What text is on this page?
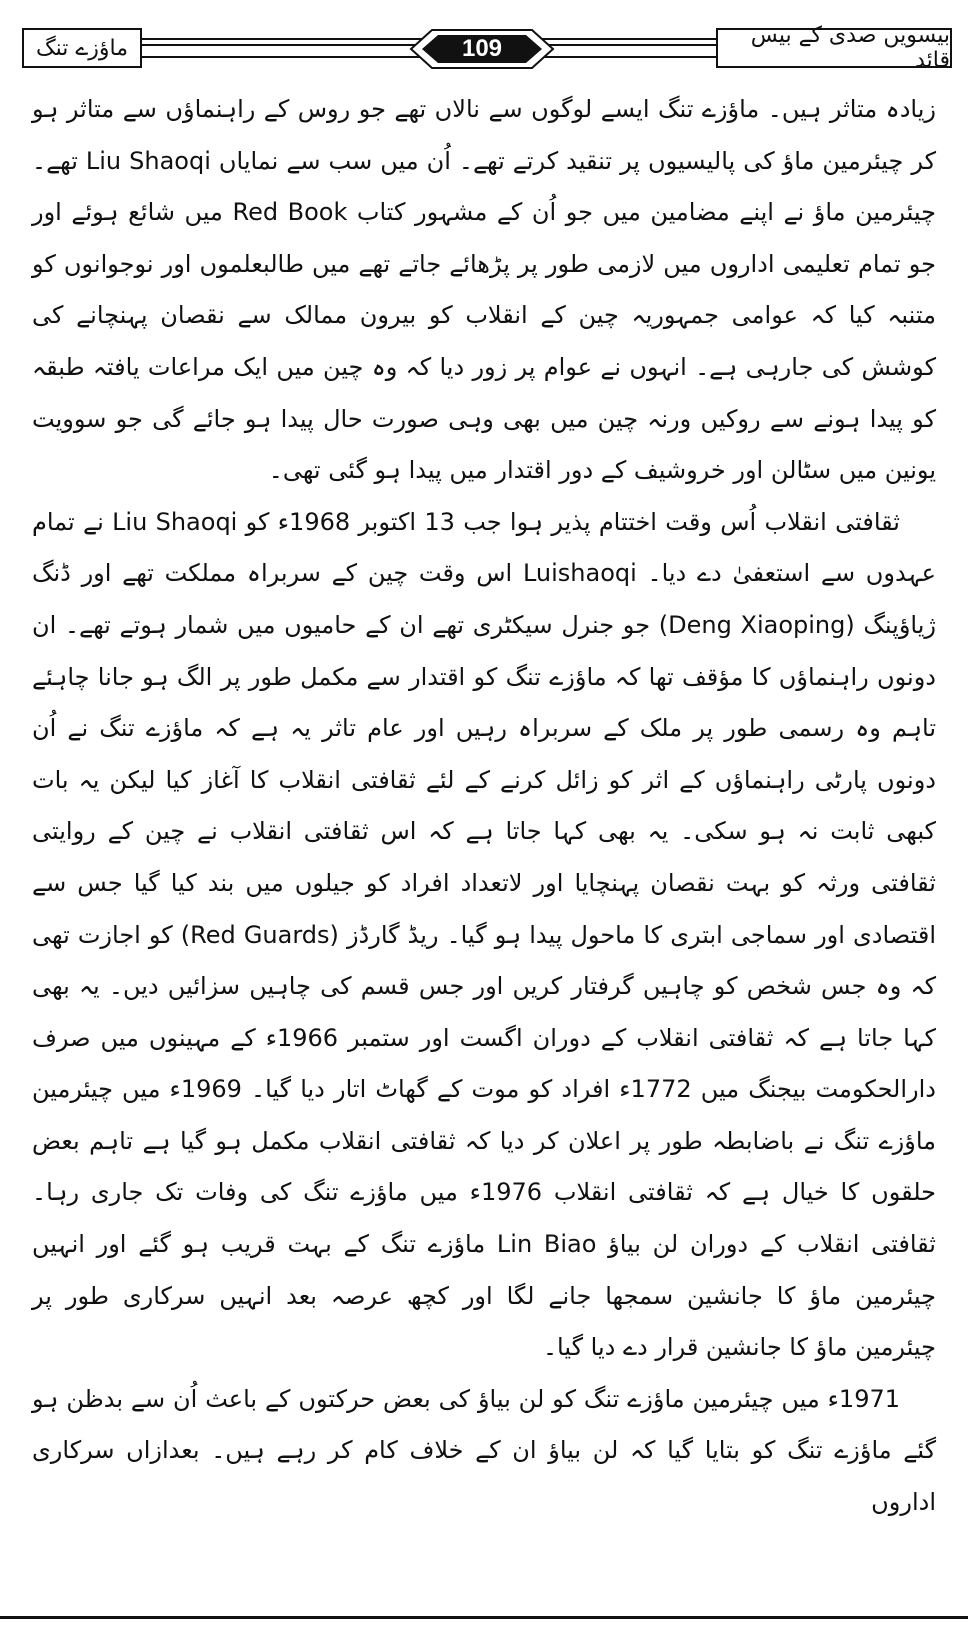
ماؤزے تنگ	109	بیسویں صدی کے بیس قائد

زیادہ متاثر ہیں۔ ماؤزے تنگ ایسے لوگوں سے نالاں تھے جو روس کے راہنماؤں سے متاثر ہو کر چیئرمین ماؤ کی پالیسیوں پر تنقید کرتے تھے۔ اُن میں سب سے نمایاں Liu Shaoqi تھے۔ چیئرمین ماؤ نے اپنے مضامین میں جو اُن کے مشہور کتاب Red Book میں شائع ہوئے اور جو تمام تعلیمی اداروں میں لازمی طور پر پڑھائے جاتے تھے میں طالبعلموں اور نوجوانوں کو متنبہ کیا کہ عوامی جمہوریہ چین کے انقلاب کو بیرون ممالک سے نقصان پہنچانے کی کوشش کی جارہی ہے۔ انہوں نے عوام پر زور دیا کہ وہ چین میں ایک مراعات یافتہ طبقہ کو پیدا ہونے سے روکیں ورنہ چین میں بھی وہی صورت حال پیدا ہو جائے گی جو سوویت یونین میں سٹالن اور خروشیف کے دور اقتدار میں پیدا ہو گئی تھی۔

ثقافتی انقلاب اُس وقت اختتام پذیر ہوا جب 13 اکتوبر 1968ء کو Liu Shaoqi نے تمام عہدوں سے استعفیٰ دے دیا۔ Luishaoqi اس وقت چین کے سربراہ مملکت تھے اور ڈنگ ژیاؤپنگ (Deng Xiaoping) جو جنرل سیکٹری تھے ان کے حامیوں میں شمار ہوتے تھے۔ ان دونوں راہنماؤں کا مؤقف تھا کہ ماؤزے تنگ کو اقتدار سے مکمل طور پر الگ ہو جانا چاہئے تاہم وہ رسمی طور پر ملک کے سربراہ رہیں اور عام تاثر یہ ہے کہ ماؤزے تنگ نے اُن دونوں پارٹی راہنماؤں کے اثر کو زائل کرنے کے لئے ثقافتی انقلاب کا آغاز کیا لیکن یہ بات کبھی ثابت نہ ہو سکی۔ یہ بھی کہا جاتا ہے کہ اس ثقافتی انقلاب نے چین کے روایتی ثقافتی ورثہ کو بہت نقصان پہنچایا اور لاتعداد افراد کو جیلوں میں بند کیا گیا جس سے اقتصادی اور سماجی ابتری کا ماحول پیدا ہو گیا۔ ریڈ گارڈز (Red Guards) کو اجازت تھی کہ وہ جس شخص کو چاہیں گرفتار کریں اور جس قسم کی چاہیں سزائیں دیں۔ یہ بھی کہا جاتا ہے کہ ثقافتی انقلاب کے دوران اگست اور ستمبر 1966ء کے مہینوں میں صرف دارالحکومت بیجنگ میں 1772ء افراد کو موت کے گھاٹ اتار دیا گیا۔ 1969ء میں چیئرمین ماؤزے تنگ نے باضابطہ طور پر اعلان کر دیا کہ ثقافتی انقلاب مکمل ہو گیا ہے تاہم بعض حلقوں کا خیال ہے کہ ثقافتی انقلاب 1976ء میں ماؤزے تنگ کی وفات تک جاری رہا۔ ثقافتی انقلاب کے دوران لن بیاؤ Lin Biao ماؤزے تنگ کے بہت قریب ہو گئے اور انہیں چیئرمین ماؤ کا جانشین سمجھا جانے لگا اور کچھ عرصہ بعد انہیں سرکاری طور پر چیئرمین ماؤ کا جانشین قرار دے دیا گیا۔

1971ء میں چیئرمین ماؤزے تنگ کو لن بیاؤ کی بعض حرکتوں کے باعث اُن سے بدظن ہو گئے ماؤزے تنگ کو بتایا گیا کہ لن بیاؤ ان کے خلاف کام کر رہے ہیں۔ بعدازاں سرکاری اداروں
